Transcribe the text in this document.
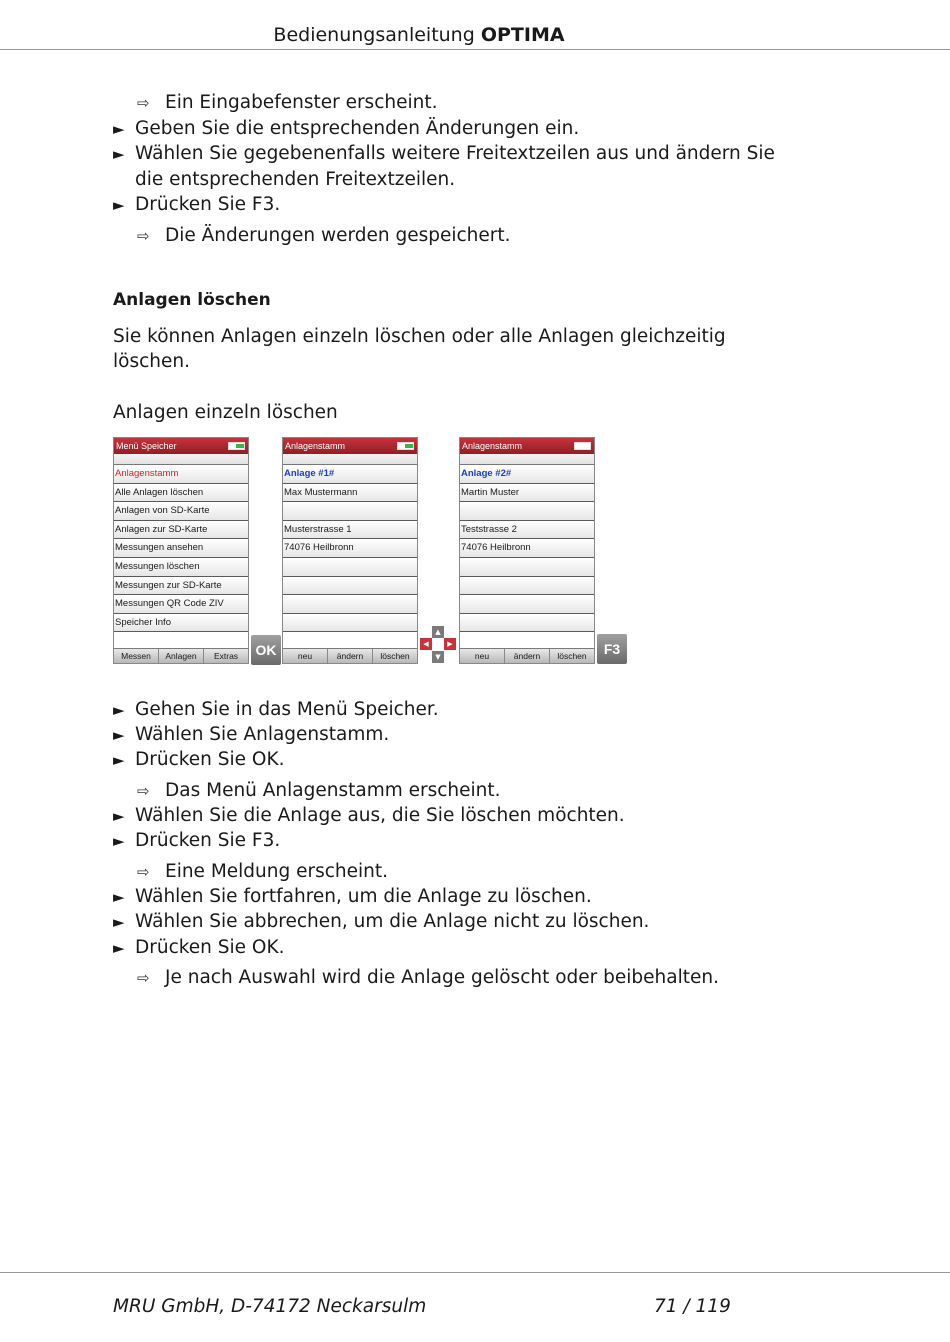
Bedienungsanleitung OPTIMA
⇨ Ein Eingabefenster erscheint.
► Geben Sie die entsprechenden Änderungen ein.
► Wählen Sie gegebenenfalls weitere Freitextzeilen aus und ändern Sie
die entsprechenden Freitextzeilen.
► Drücken Sie F3.
⇨ Die Änderungen werden gespeichert.
Anlagen löschen
Sie können Anlagen einzeln löschen oder alle Anlagen gleichzeitig
löschen.
Anlagen einzeln löschen
Menü Speicher
Anlagenstamm
Alle Anlagen löschen
Anlagen von SD-Karte
Anlagen zur SD-Karte
Messungen ansehen
Messungen löschen
Messungen zur SD-Karte
Messungen QR Code ZIV
Speicher Info
Messen	Anlagen	Extras	OK
Anlagenstamm
Anlage #1#
Max Mustermann
Musterstrasse 1
74076 Heilbronn
neu	ändern	löschen
▲
◀	▶
▼
Anlagenstamm
Anlage #2#
Martin Muster
Teststrasse 2
74076 Heilbronn
neu	ändern	löschen	F3
► Gehen Sie in das Menü Speicher.
► Wählen Sie Anlagenstamm.
► Drücken Sie OK.
⇨ Das Menü Anlagenstamm erscheint.
► Wählen Sie die Anlage aus, die Sie löschen möchten.
► Drücken Sie F3.
⇨ Eine Meldung erscheint.
► Wählen Sie fortfahren, um die Anlage zu löschen.
► Wählen Sie abbrechen, um die Anlage nicht zu löschen.
► Drücken Sie OK.
⇨ Je nach Auswahl wird die Anlage gelöscht oder beibehalten.
MRU GmbH, D-74172 Neckarsulm	71 / 119
